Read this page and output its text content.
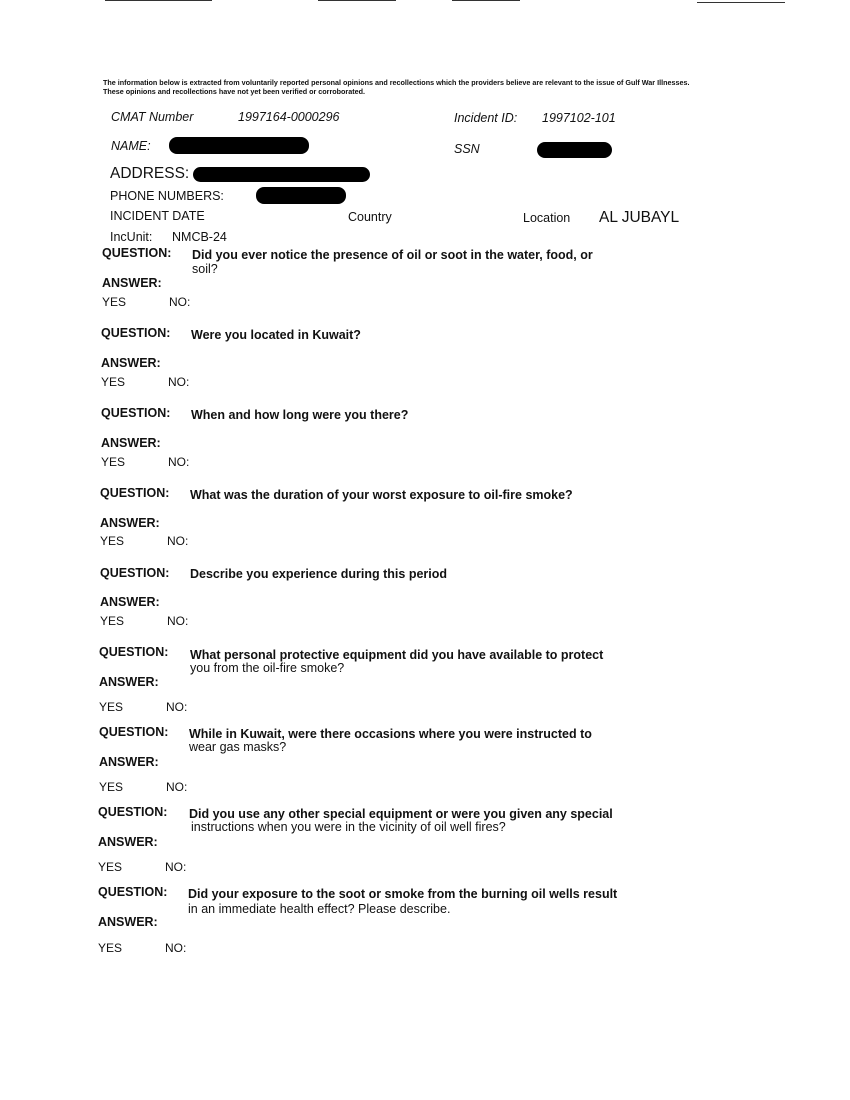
The information below is extracted from voluntarily reported personal opinions and recollections which the providers believe are relevant to the issue of Gulf War Illnesses. These opinions and recollections have not yet been verified or corroborated.
CMAT Number	1997164-0000296	Incident ID: 1997102-101
NAME:	SSN
ADDRESS:
PHONE NUMBERS:
INCIDENT DATE	Country	Location AL JUBAYL
IncUnit: NMCB-24
QUESTION: Did you ever notice the presence of oil or soot in the water, food, or
soil?
ANSWER:
YES	NO:
QUESTION: Were you located in Kuwait?
ANSWER:
YES	NO:
QUESTION: When and how long were you there?
ANSWER:
YES	NO:
QUESTION: What was the duration of your worst exposure to oil-fire smoke?
ANSWER:
YES	NO:
QUESTION: Describe you experience during this period
ANSWER:
YES	NO:
QUESTION: What personal protective equipment did you have available to protect
you from the oil-fire smoke?
ANSWER:
YES	NO:
QUESTION: While in Kuwait, were there occasions where you were instructed to
wear gas masks?
ANSWER:
YES	NO:
QUESTION: Did you use any other special equipment or were you given any special
instructions when you were in the vicinity of oil well fires?
ANSWER:
YES	NO:
QUESTION: Did your exposure to the soot or smoke from the burning oil wells result
in an immediate health effect? Please describe.
ANSWER:
YES	NO:
